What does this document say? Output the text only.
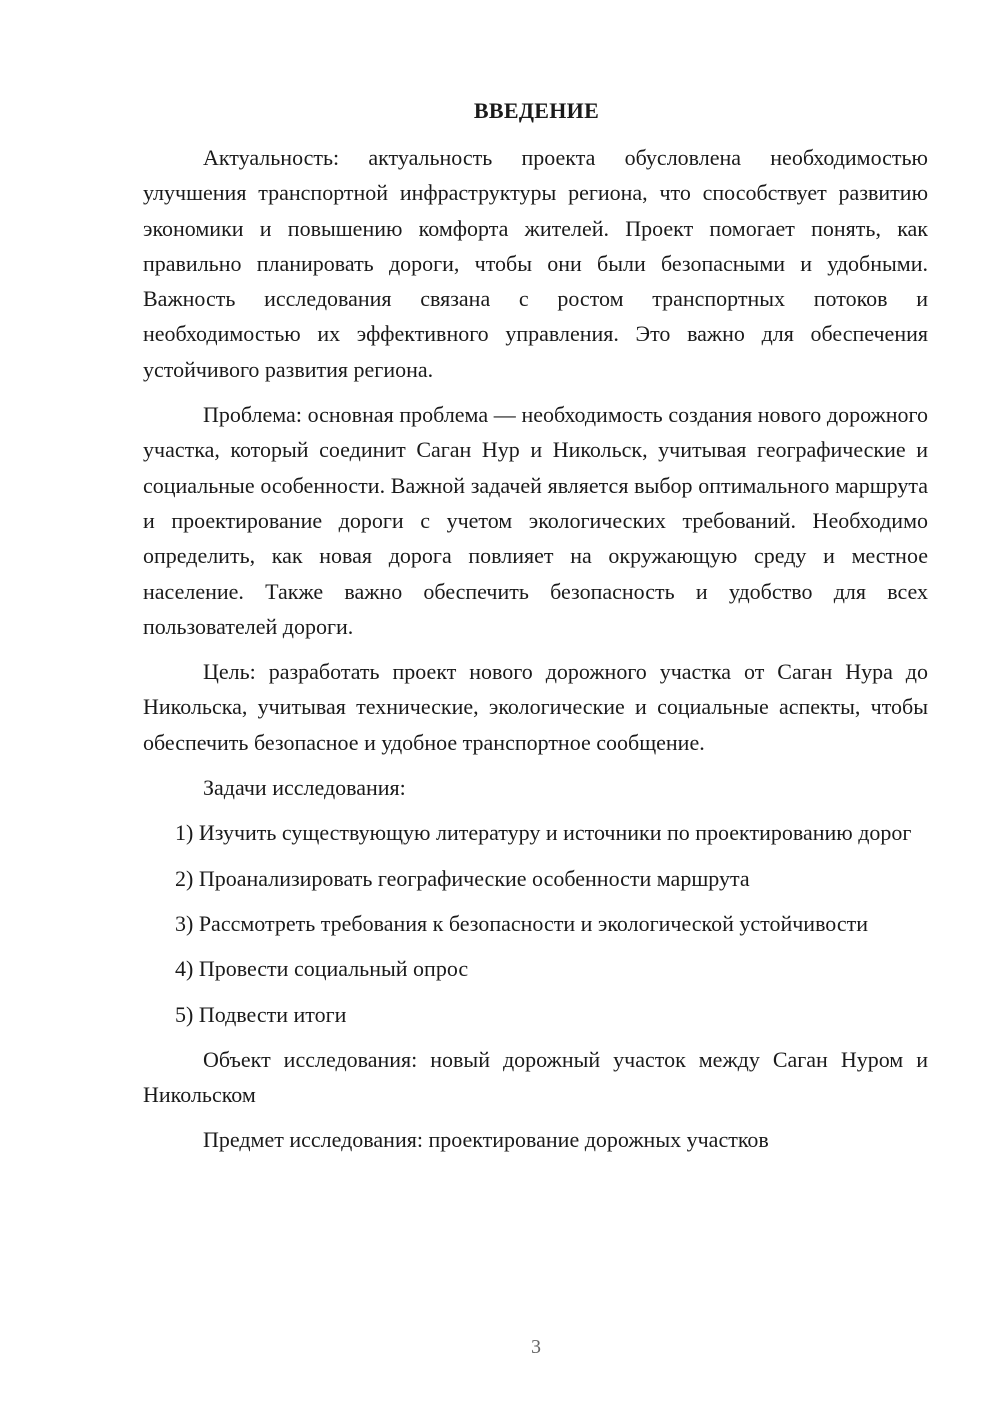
ВВЕДЕНИЕ

Актуальность: актуальность проекта обусловлена необходимостью улучшения транспортной инфраструктуры региона, что способствует развитию экономики и повышению комфорта жителей. Проект помогает понять, как правильно планировать дороги, чтобы они были безопасными и удобными. Важность исследования связана с ростом транспортных потоков и необходимостью их эффективного управления. Это важно для обеспечения устойчивого развития региона.

Проблема: основная проблема — необходимость создания нового дорожного участка, который соединит Саган Нур и Никольск, учитывая географические и социальные особенности. Важной задачей является выбор оптимального маршрута и проектирование дороги с учетом экологических требований. Необходимо определить, как новая дорога повлияет на окружающую среду и местное население. Также важно обеспечить безопасность и удобство для всех пользователей дороги.

Цель: разработать проект нового дорожного участка от Саган Нура до Никольска, учитывая технические, экологические и социальные аспекты, чтобы обеспечить безопасное и удобное транспортное сообщение.

Задачи исследования:

1) Изучить существующую литературу и источники по проектированию дорог

2) Проанализировать географические особенности маршрута

3) Рассмотреть требования к безопасности и экологической устойчивости

4) Провести социальный опрос

5) Подвести итоги

Объект исследования: новый дорожный участок между Саган Нуром и Никольском

Предмет исследования: проектирование дорожных участков

3
